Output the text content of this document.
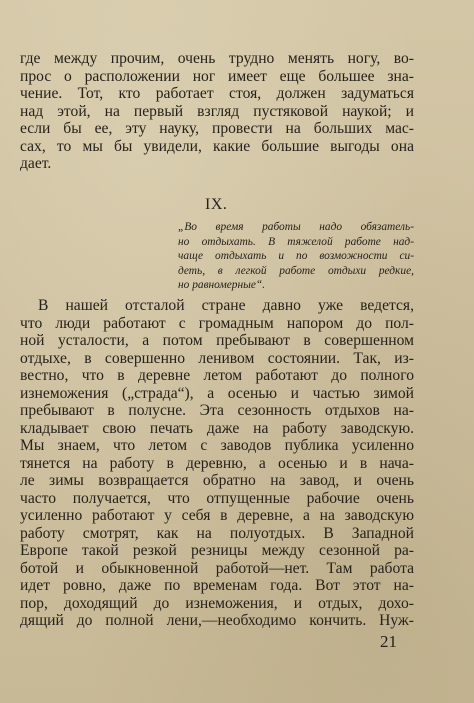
где между прочим, очень трудно менять ногу, во-
прос о расположении ног имеет еще большее зна-
чение. Тот, кто работает стоя, должен задуматься
над этой, на первый взгляд пустяковой наукой; и
если бы ее, эту науку, провести на больших мас-
сах, то мы бы увидели, какие большие выгоды она
дает.
IX.
„Во время работы надо обязатель-
но отдыхать. В тяжелой работе над-
чаще отдыхать и по возможности си-
деть, в легкой работе отдыхи редкие,
но равномерные“.
В нашей отсталой стране давно уже ведется,
что люди работают с громадным напором до пол-
ной усталости, а потом пребывают в совершенном
отдыхе, в совершенно ленивом состоянии. Так, из-
вестно, что в деревне летом работают до полного
изнеможения („страда“), а осенью и частью зимой
пребывают в полусне. Эта сезонность отдыхов на-
кладывает свою печать даже на работу заводскую.
Мы знаем, что летом с заводов публика усиленно
тянется на работу в деревню, а осенью и в нача-
ле зимы возвращается обратно на завод, и очень
часто получается, что отпущенные рабочие очень
усиленно работают у себя в деревне, а на заводскую
работу смотрят, как на полуотдых. В Западной
Европе такой резкой резницы между сезонной ра-
ботой и обыкновенной работой—нет. Там работа
идет ровно, даже по временам года. Вот этот на-
пор, доходящий до изнеможения, и отдых, дохо-
дящий до полной лени,—необходимо кончить. Нуж-
21
